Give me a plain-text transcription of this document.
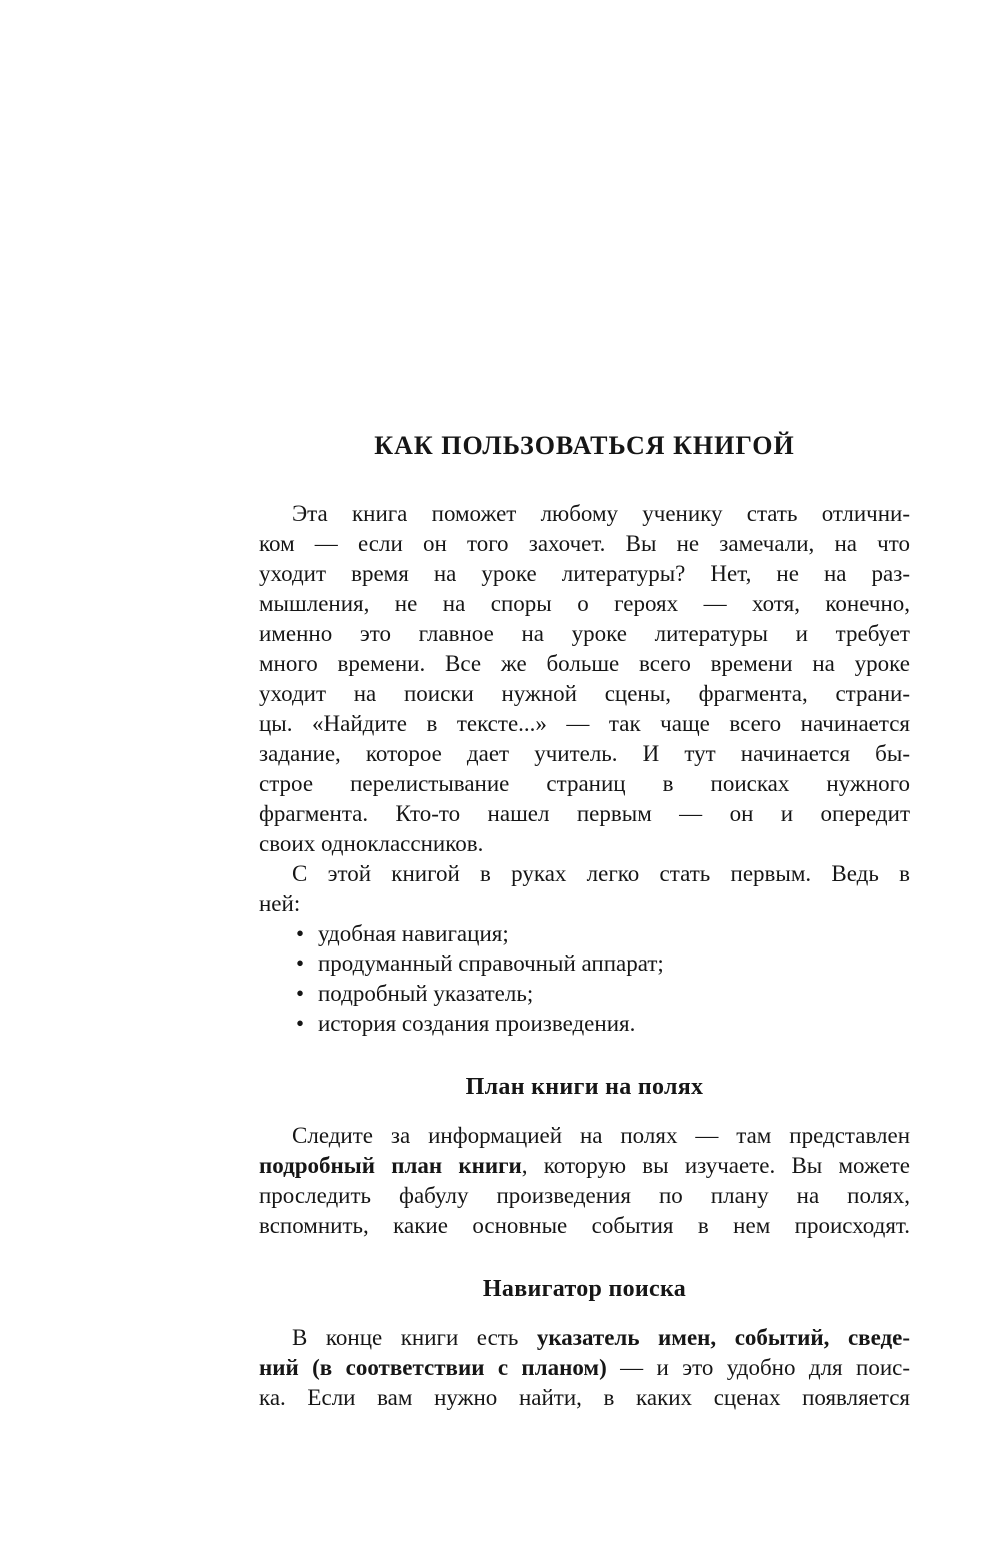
КАК ПОЛЬЗОВАТЬСЯ КНИГОЙ
Эта книга поможет любому ученику стать отлични-
ком — если он того захочет. Вы не замечали, на что
уходит время на уроке литературы? Нет, не на раз-
мышления, не на споры о героях — хотя, конечно,
именно это главное на уроке литературы и требует
много времени. Все же больше всего времени на уроке
уходит на поиски нужной сцены, фрагмента, страни-
цы. «Найдите в тексте...» — так чаще всего начинается
задание, которое дает учитель. И тут начинается бы-
строе перелистывание страниц в поисках нужного
фрагмента. Кто-то нашел первым — он и опередит
своих одноклассников.
С этой книгой в руках легко стать первым. Ведь в
ней:
• удобная навигация;
• продуманный справочный аппарат;
• подробный указатель;
• история создания произведения.
План книги на полях
Следите за информацией на полях — там представлен
подробный план книги, которую вы изучаете. Вы можете
проследить фабулу произведения по плану на полях,
вспомнить, какие основные события в нем происходят.
Навигатор поиска
В конце книги есть указатель имен, событий, сведе-
ний (в соответствии с планом) — и это удобно для поис-
ка. Если вам нужно найти, в каких сценах появляется
